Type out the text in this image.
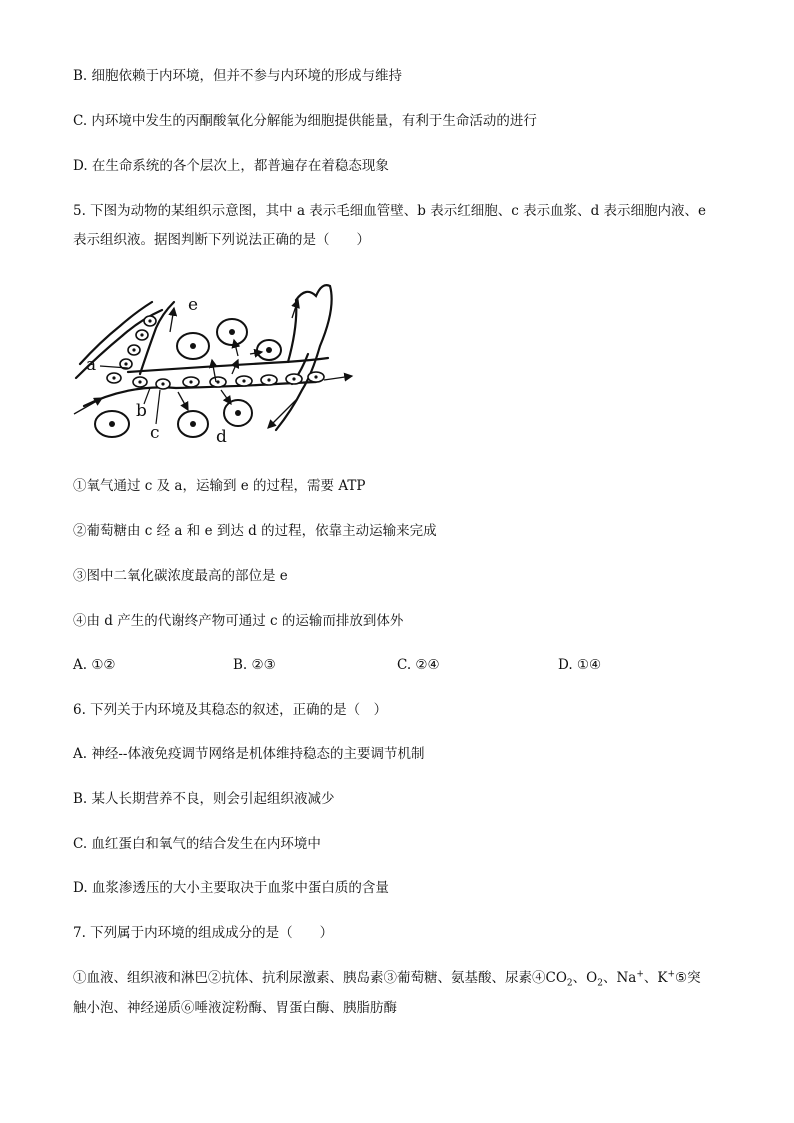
B. 细胞依赖于内环境，但并不参与内环境的形成与维持
C. 内环境中发生的丙酮酸氧化分解能为细胞提供能量，有利于生命活动的进行
D. 在生命系统的各个层次上，都普遍存在着稳态现象
5. 下图为动物的某组织示意图，其中 a 表示毛细血管壁、b 表示红细胞、c 表示血浆、d 表示细胞内液、e
表示组织液。据图判断下列说法正确的是（　　）
e
a
b
c	d
①氧气通过 c 及 a，运输到 e 的过程，需要 ATP
②葡萄糖由 c 经 a 和 e 到达 d 的过程，依靠主动运输来完成
③图中二氧化碳浓度最高的部位是 e
④由 d 产生的代谢终产物可通过 c 的运输而排放到体外
A. ①②	B. ②③	C. ②④	D. ①④
6. 下列关于内环境及其稳态的叙述，正确的是（　）
A. 神经--体液免疫调节网络是机体维持稳态的主要调节机制
B. 某人长期营养不良，则会引起组织液减少
C. 血红蛋白和氧气的结合发生在内环境中
D. 血浆渗透压的大小主要取决于血浆中蛋白质的含量
7. 下列属于内环境的组成成分的是（　　）
①血液、组织液和淋巴②抗体、抗利尿激素、胰岛素③葡萄糖、氨基酸、尿素$④CO_2$、$O_2$、Na+、K+⑤突
触小泡、神经递质⑥唾液淀粉酶、胃蛋白酶、胰脂肪酶
